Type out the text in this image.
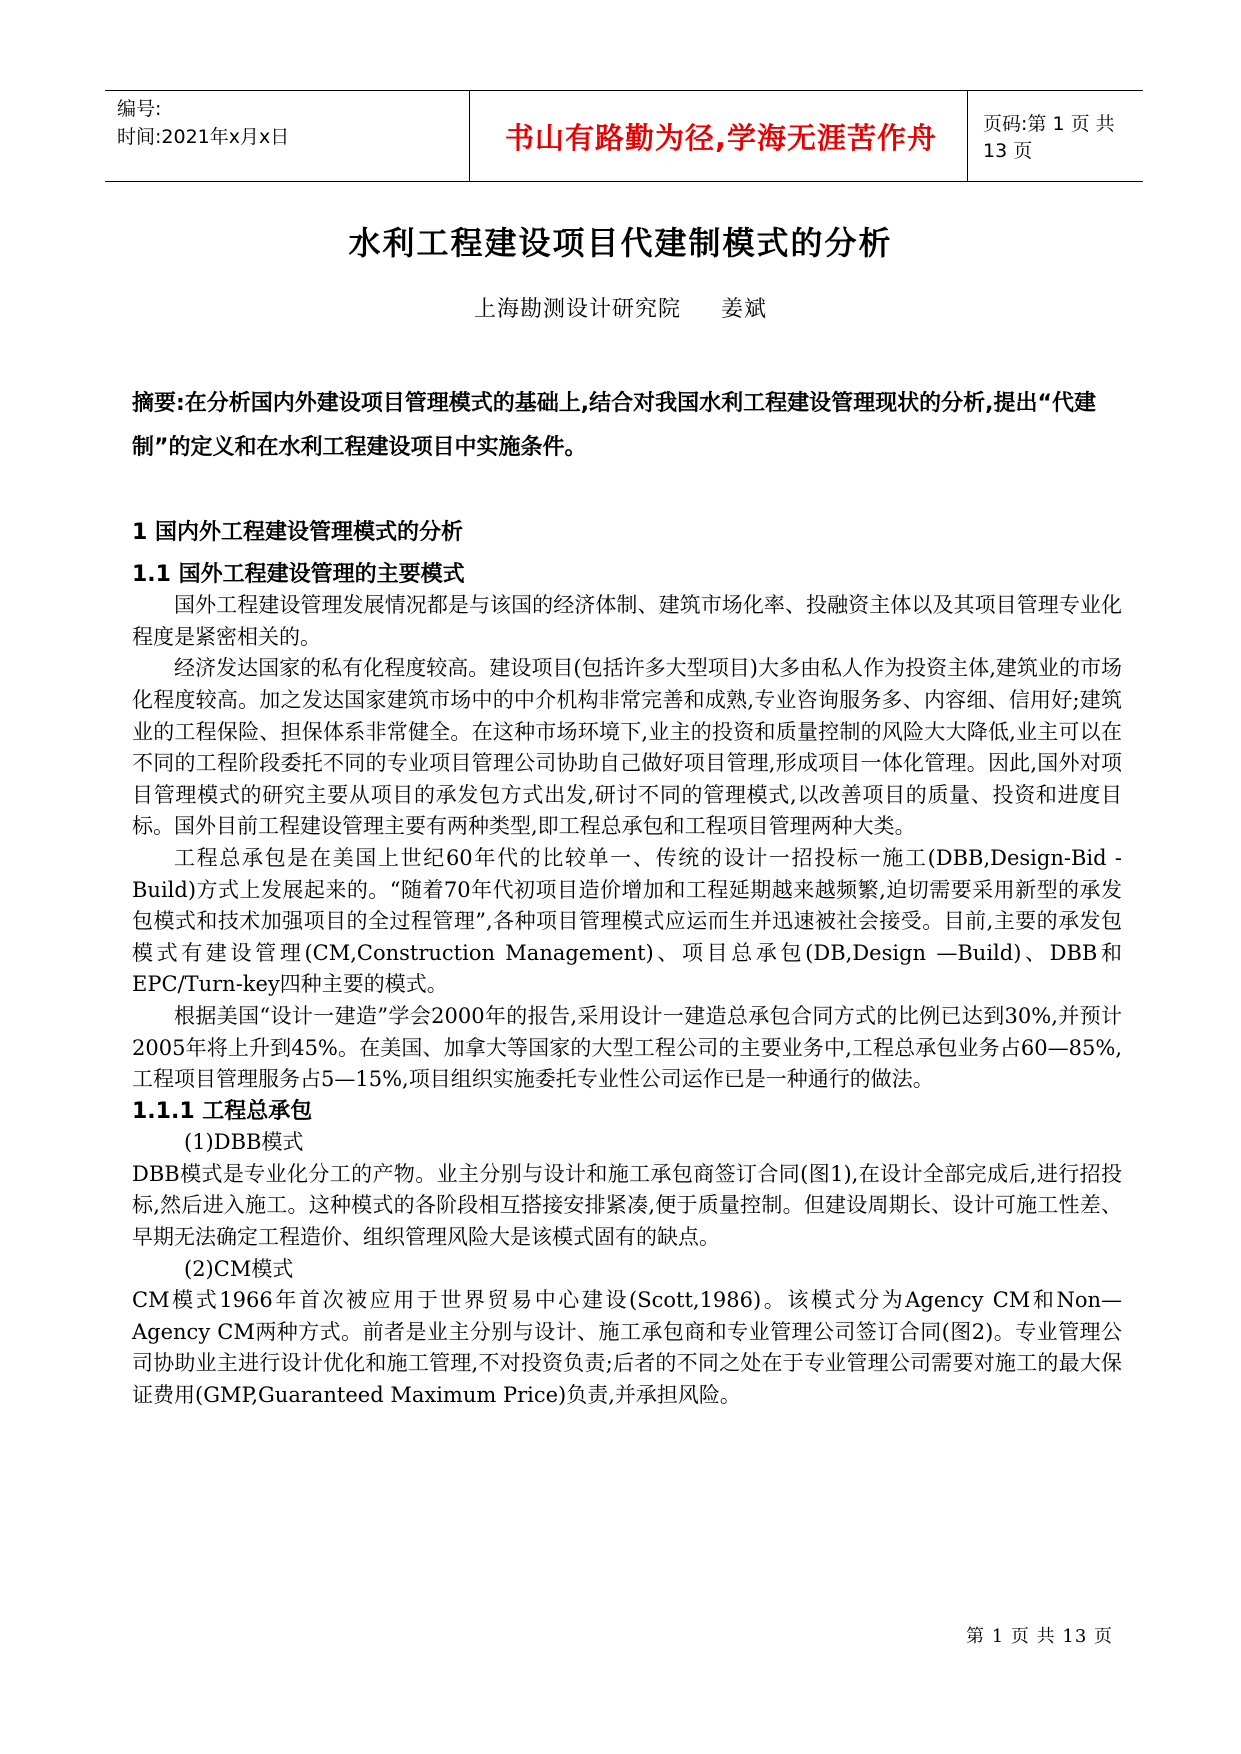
编号:
时间:2021年x月x日	书山有路勤为径,学海无涯苦作舟	页码:第 1 页 共 13 页
水利工程建设项目代建制模式的分析
上海勘测设计研究院     姜斌
摘要:在分析国内外建设项目管理模式的基础上,结合对我国水利工程建设管理现状的分析,提出“代建制”的定义和在水利工程建设项目中实施条件。

1 国内外工程建设管理模式的分析

1.1 国外工程建设管理的主要模式

国外工程建设管理发展情况都是与该国的经济体制、建筑市场化率、投融资主体以及其项目管理专业化程度是紧密相关的。

经济发达国家的私有化程度较高。建设项目(包括许多大型项目)大多由私人作为投资主体,建筑业的市场化程度较高。加之发达国家建筑市场中的中介机构非常完善和成熟,专业咨询服务多、内容细、信用好;建筑业的工程保险、担保体系非常健全。在这种市场环境下,业主的投资和质量控制的风险大大降低,业主可以在不同的工程阶段委托不同的专业项目管理公司协助自己做好项目管理,形成项目一体化管理。因此,国外对项目管理模式的研究主要从项目的承发包方式出发,研讨不同的管理模式,以改善项目的质量、投资和进度目标。国外目前工程建设管理主要有两种类型,即工程总承包和工程项目管理两种大类。

工程总承包是在美国上世纪60年代的比较单一、传统的设计一招投标一施工(DBB,Design-Bid -Build)方式上发展起来的。“随着70年代初项目造价增加和工程延期越来越频繁,迫切需要采用新型的承发包模式和技术加强项目的全过程管理”,各种项目管理模式应运而生并迅速被社会接受。目前,主要的承发包模式有建设管理(CM,Construction Management)、项目总承包(DB,Design —Build)、DBB和EPC/Turn-key四种主要的模式。

根据美国“设计一建造”学会2000年的报告,采用设计一建造总承包合同方式的比例已达到30%,并预计2005年将上升到45%。在美国、加拿大等国家的大型工程公司的主要业务中,工程总承包业务占60—85%,工程项目管理服务占5—15%,项目组织实施委托专业性公司运作已是一种通行的做法。

1.1.1 工程总承包

(1)DBB模式

DBB模式是专业化分工的产物。业主分别与设计和施工承包商签订合同(图1),在设计全部完成后,进行招投标,然后进入施工。这种模式的各阶段相互搭接安排紧凑,便于质量控制。但建设周期长、设计可施工性差、早期无法确定工程造价、组织管理风险大是该模式固有的缺点。

(2)CM模式

CM模式1966年首次被应用于世界贸易中心建设(Scott,1986)。该模式分为Agency CM和Non—Agency CM两种方式。前者是业主分别与设计、施工承包商和专业管理公司签订合同(图2)。专业管理公司协助业主进行设计优化和施工管理,不对投资负责;后者的不同之处在于专业管理公司需要对施工的最大保证费用(GMP,Guaranteed Maximum Price)负责,并承担风险。

第 1 页 共 13 页
